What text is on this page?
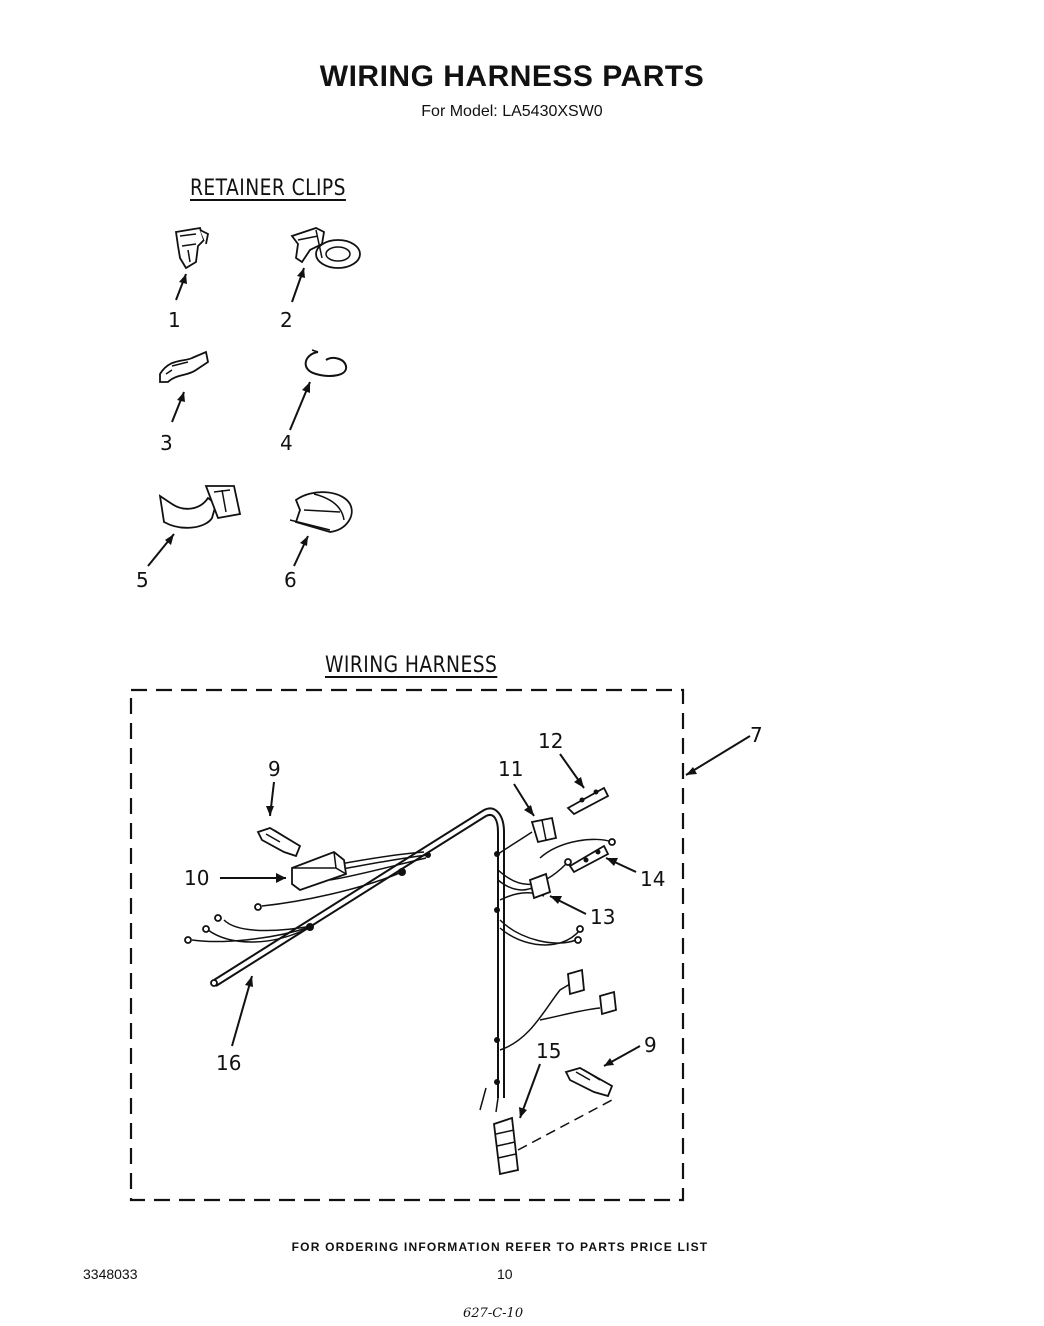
WIRING HARNESS PARTS
For Model: LA5430XSW0
RETAINER CLIPS
WIRING HARNESS
1	2
3	4
5	6
7
9
10
11
12
13
14
9
15
16
FOR ORDERING INFORMATION REFER TO PARTS PRICE LIST
3348033	10
627-C-10
